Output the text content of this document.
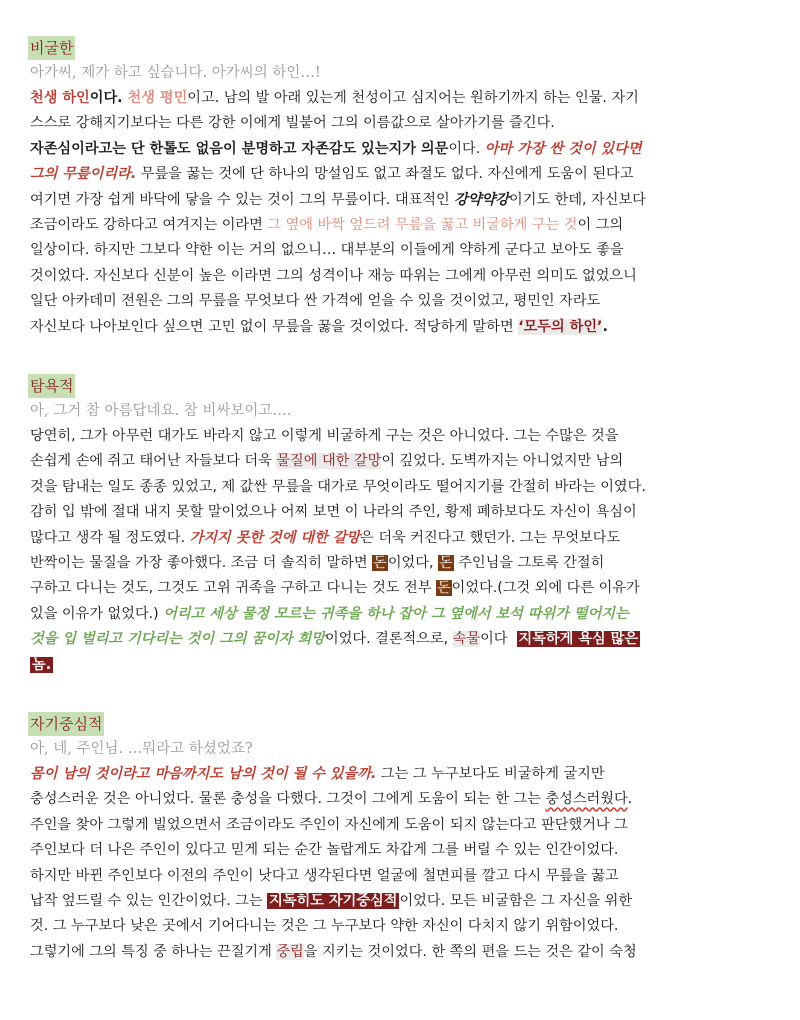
비굴한
아가씨, 제가 하고 싶습니다. 아가씨의 하인…!
천생 하인이다. 천생 평민이고. 남의 발 아래 있는게 천성이고 심지어는 원하기까지 하는 인물. 자기
스스로 강해지기보다는 다른 강한 이에게 빌붙어 그의 이름값으로 살아가기를 즐긴다.
자존심이라고는 단 한톨도 없음이 분명하고 자존감도 있는지가 의문이다. 아마 가장 싼 것이 있다면
그의 무릎이리라. 무릎을 꿇는 것에 단 하나의 망설임도 없고 좌절도 없다. 자신에게 도움이 된다고
여기면 가장 쉽게 바닥에 닿을 수 있는 것이 그의 무릎이다. 대표적인 강약약강이기도 한데, 자신보다
조금이라도 강하다고 여겨지는 이라면 그 옆에 바짝 엎드려 무릎을 꿇고 비굴하게 구는 것이 그의
일상이다. 하지만 그보다 약한 이는 거의 없으니… 대부분의 이들에게 약하게 군다고 보아도 좋을
것이었다. 자신보다 신분이 높은 이라면 그의 성격이나 재능 따위는 그에게 아무런 의미도 없었으니
일단 아카데미 전원은 그의 무릎을 무엇보다 싼 가격에 얻을 수 있을 것이었고, 평민인 자라도
자신보다 나아보인다 싶으면 고민 없이 무릎을 꿇을 것이었다. 적당하게 말하면 ‘모두의 하인’.
탐욕적
아, 그거 참 아름답네요. 참 비싸보이고….
당연히, 그가 아무런 대가도 바라지 않고 이렇게 비굴하게 구는 것은 아니었다. 그는 수많은 것을
손쉽게 손에 쥐고 태어난 자들보다 더욱 물질에 대한 갈망이 깊었다. 도벽까지는 아니었지만 남의
것을 탐내는 일도 종종 있었고, 제 값싼 무릎을 대가로 무엇이라도 떨어지기를 간절히 바라는 이였다.
감히 입 밖에 절대 내지 못할 말이었으나 어찌 보면 이 나라의 주인, 황제 폐하보다도 자신이 욕심이
많다고 생각 될 정도였다. 가지지 못한 것에 대한 갈망은 더욱 커진다고 했던가. 그는 무엇보다도
반짝이는 물질을 가장 좋아했다. 조금 더 솔직히 말하면 돈이었다, 돈 주인님을 그토록 간절히
구하고 다니는 것도, 그것도 고위 귀족을 구하고 다니는 것도 전부 돈이었다.(그것 외에 다른 이유가
있을 이유가 없었다.) 어리고 세상 물정 모르는 귀족을 하나 잡아 그 옆에서 보석 따위가 떨어지는
것을 입 벌리고 기다리는 것이 그의 꿈이자 희망이었다. 결론적으로, 속물이다  지독하게 욕심 많은
놈.
자기중심적
아, 네, 주인님. …뭐라고 하셨었죠?
몸이 남의 것이라고 마음까지도 남의 것이 될 수 있을까. 그는 그 누구보다도 비굴하게 굴지만
충성스러운 것은 아니었다. 물론 충성을 다했다. 그것이 그에게 도움이 되는 한 그는 충성스러웠다.
주인을 찾아 그렇게 빌었으면서 조금이라도 주인이 자신에게 도움이 되지 않는다고 판단했거나 그
주인보다 더 나은 주인이 있다고 믿게 되는 순간 놀랍게도 차갑게 그를 버릴 수 있는 인간이었다.
하지만 바뀐 주인보다 이전의 주인이 낫다고 생각된다면 얼굴에 철면피를 깔고 다시 무릎을 꿇고
납작 엎드릴 수 있는 인간이었다. 그는 지독히도 자기중심적 이었다. 모든 비굴함은 그 자신을 위한
것. 그 누구보다 낮은 곳에서 기어다니는 것은 그 누구보다 약한 자신이 다치지 않기 위함이었다.
그렇기에 그의 특징 중 하나는 끈질기게 중립을 지키는 것이었다. 한 쪽의 편을 드는 것은 같이 숙청
